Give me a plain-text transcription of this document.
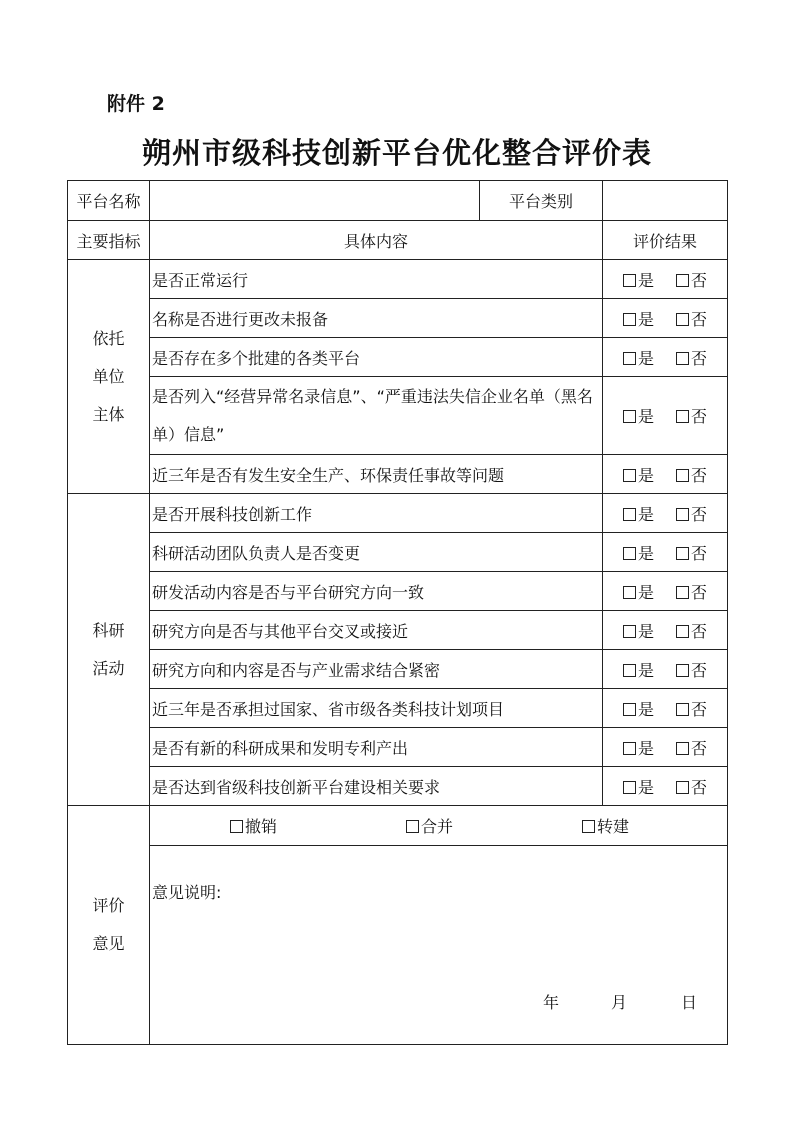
附件 2
朔州市级科技创新平台优化整合评价表
平台名称		平台类别	
主要指标	具体内容		评价结果

依托
单位
主体	是否正常运行		是 否
	名称是否进行更改未报备		是 否
	是否存在多个批建的各类平台		是 否
	是否列入“经营异常名录信息”、“严重违法失信企业名单（黑名单）信息”		是 否
	近三年是否有发生安全生产、环保责任事故等问题		是 否

科研
活动	是否开展科技创新工作		是 否
	科研活动团队负责人是否变更		是 否
	研发活动内容是否与平台研究方向一致		是 否
	研究方向是否与其他平台交叉或接近		是 否
	研究方向和内容是否与产业需求结合紧密		是 否
	近三年是否承担过国家、省市级各类科技计划项目		是 否
	是否有新的科研成果和发明专利产出		是 否
	是否达到省级科技创新平台建设相关要求		是 否

评价
意见	撤销 合并 转建		

	意见说明:
年 月 日		
